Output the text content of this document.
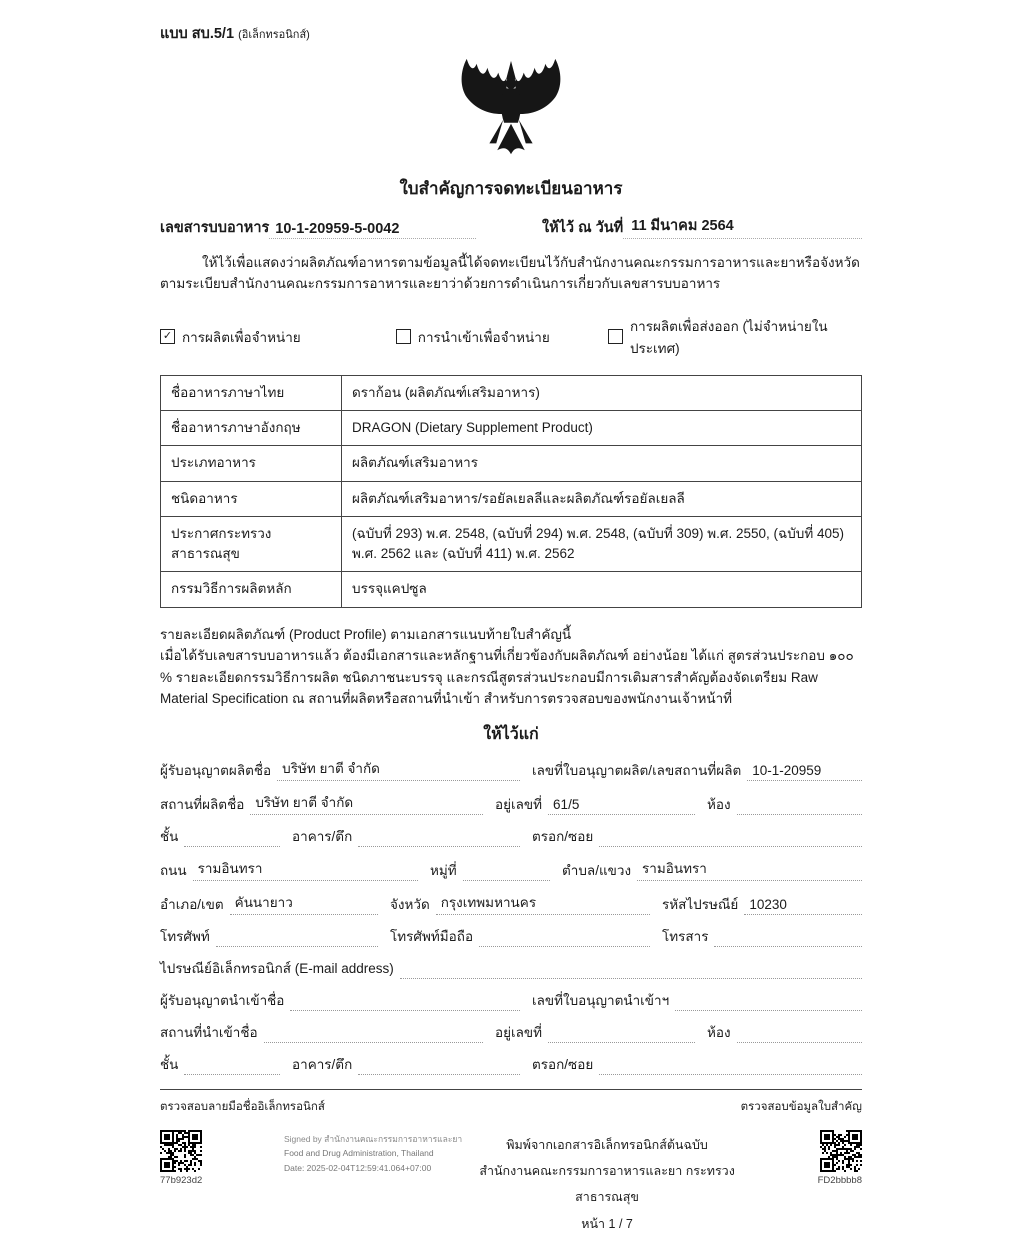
แบบ สบ.5/1 (อิเล็กทรอนิกส์)
ใบสำคัญการจดทะเบียนอาหาร
เลขสารบบอาหาร 10-1-20959-5-0042	ให้ไว้ ณ วันที่ 11 มีนาคม 2564
ให้ไว้เพื่อแสดงว่าผลิตภัณฑ์อาหารตามข้อมูลนี้ได้จดทะเบียนไว้กับสำนักงานคณะกรรมการอาหารและยาหรือจังหวัด
ตามระเบียบสำนักงานคณะกรรมการอาหารและยาว่าด้วยการดำเนินการเกี่ยวกับเลขสารบบอาหาร
✓ การผลิตเพื่อจำหน่าย	การนำเข้าเพื่อจำหน่าย
การผลิตเพื่อส่งออก (ไม่จำหน่ายในประเทศ)
ชื่ออาหารภาษาไทย	ดราก้อน (ผลิตภัณฑ์เสริมอาหาร)
ชื่ออาหารภาษาอังกฤษ	DRAGON (Dietary Supplement Product)
ประเภทอาหาร	ผลิตภัณฑ์เสริมอาหาร
ชนิดอาหาร	ผลิตภัณฑ์เสริมอาหาร/รอยัลเยลลีและผลิตภัณฑ์รอยัลเยลลี
ประกาศกระทรวงสาธารณสุข	(ฉบับที่ 293) พ.ศ. 2548, (ฉบับที่ 294) พ.ศ. 2548, (ฉบับที่ 309) พ.ศ. 2550, (ฉบับที่ 405) พ.ศ. 2562 และ (ฉบับที่ 411) พ.ศ. 2562
กรรมวิธีการผลิตหลัก	บรรจุแคปซูล
รายละเอียดผลิตภัณฑ์ (Product Profile) ตามเอกสารแนบท้ายใบสำคัญนี้
เมื่อได้รับเลขสารบบอาหารแล้ว ต้องมีเอกสารและหลักฐานที่เกี่ยวข้องกับผลิตภัณฑ์ อย่างน้อย ได้แก่ สูตรส่วนประกอบ ๑๐๐ % รายละเอียดกรรมวิธีการผลิต ชนิดภาชนะบรรจุ และกรณีสูตรส่วนประกอบมีการเติมสารสำคัญต้องจัดเตรียม Raw Material Specification ณ สถานที่ผลิตหรือสถานที่นำเข้า สำหรับการตรวจสอบของพนักงานเจ้าหน้าที่
ให้ไว้แก่
ผู้รับอนุญาตผลิตชื่อ บริษัท ยาตี จำกัด	เลขที่ใบอนุญาตผลิต/เลขสถานที่ผลิต 10-1-20959
สถานที่ผลิตชื่อ บริษัท ยาตี จำกัด	อยู่เลขที่ 61/5	ห้อง
ชั้น	อาคาร/ตึก	ตรอก/ซอย
ถนน รามอินทรา	หมู่ที่	ตำบล/แขวง รามอินทรา
อำเภอ/เขต คันนายาว	จังหวัด กรุงเทพมหานคร	รหัสไปรษณีย์ 10230
โทรศัพท์	โทรศัพท์มือถือ	โทรสาร
ไปรษณีย์อิเล็กทรอนิกส์ (E-mail address)
ผู้รับอนุญาตนำเข้าชื่อ	เลขที่ใบอนุญาตนำเข้าฯ
สถานที่นำเข้าชื่อ	อยู่เลขที่	ห้อง
ชั้น	อาคาร/ตึก	ตรอก/ซอย
ตรวจสอบลายมือชื่ออิเล็กทรอนิกส์	ตรวจสอบข้อมูลใบสำคัญ
77b923d2
Signed by สำนักงานคณะกรรมการอาหารและยา
Food and Drug Administration, Thailand
Date: 2025-02-04T12:59:41.064+07:00
พิมพ์จากเอกสารอิเล็กทรอนิกส์ต้นฉบับ
สำนักงานคณะกรรมการอาหารและยา กระทรวงสาธารณสุข
หน้า 1 / 7
FD2bbbb8
